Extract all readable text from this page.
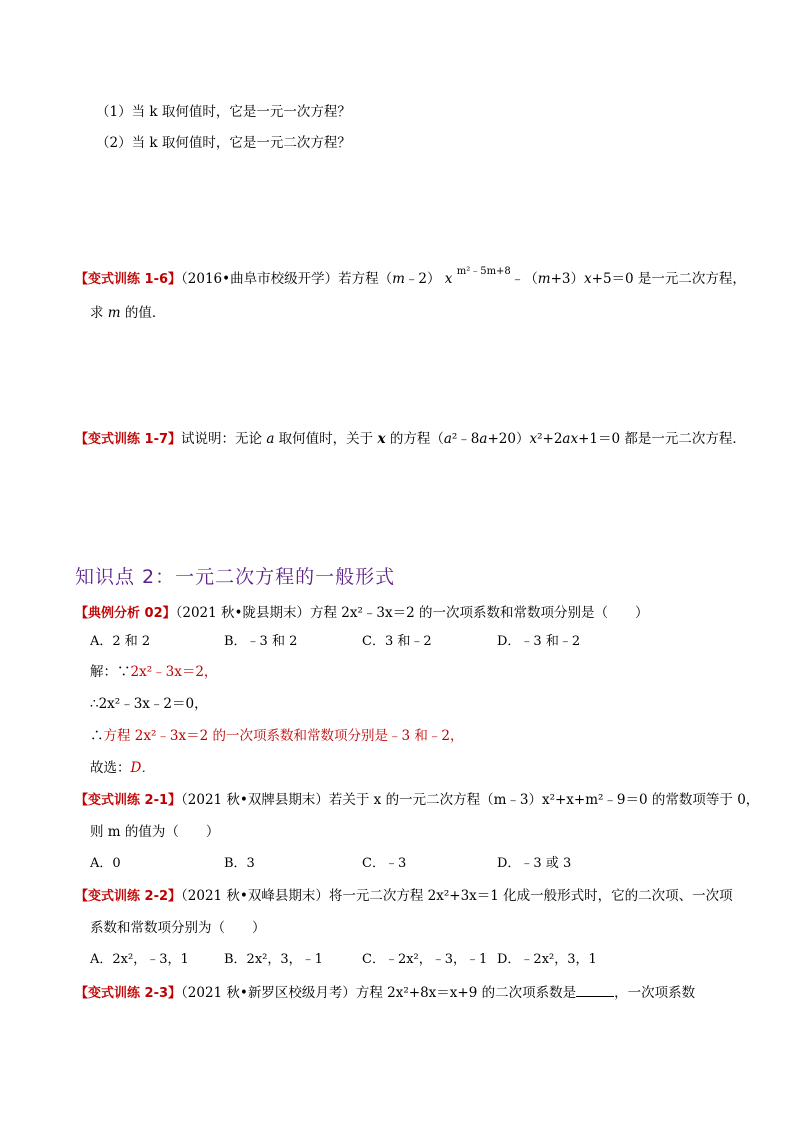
（1）当 k 取何值时，它是一元一次方程？
（2）当 k 取何值时，它是一元二次方程？
【变式训练 1-6】（2016•曲阜市校级开学）若方程（m﹣2） x $^{m^2﹣5m+8}$﹣（m+3）x+5＝0 是一元二次方程，
求 m 的值．
【变式训练 1-7】试说明：无论 a 取何值时，关于 x 的方程（a²﹣8a+20）x²+2ax+1＝0 都是一元二次方程．
知识点 2：一元二次方程的一般形式
【典例分析 02】（2021 秋•陇县期末）方程 2x²﹣3x＝2 的一次项系数和常数项分别是（　　）
A．2 和 2	B．﹣3 和 2	C．3 和﹣2	D．﹣3 和﹣2
解：∵2x²﹣3x＝2，
∴2x²﹣3x﹣2＝0，
∴方程 2x²﹣3x＝2 的一次项系数和常数项分别是﹣3 和﹣2，
故选：D．
【变式训练 2-1】（2021 秋•双牌县期末）若关于 x 的一元二次方程（m﹣3）x²+x+m²﹣9＝0 的常数项等于 0，
则 m 的值为（　　）
A．0	B．3	C．﹣3	D．﹣3 或 3
【变式训练 2-2】（2021 秋•双峰县期末）将一元二次方程 2x²+3x＝1 化成一般形式时，它的二次项、一次项
系数和常数项分别为（　　）
A．2x²，﹣3，1	B．2x²，3，﹣1	C．﹣2x²，﹣3，﹣1 D．﹣2x²，3，1
【变式训练 2-3】（2021 秋•新罗区校级月考）方程 2x²+8x＝x+9 的二次项系数是	，一次项系数
